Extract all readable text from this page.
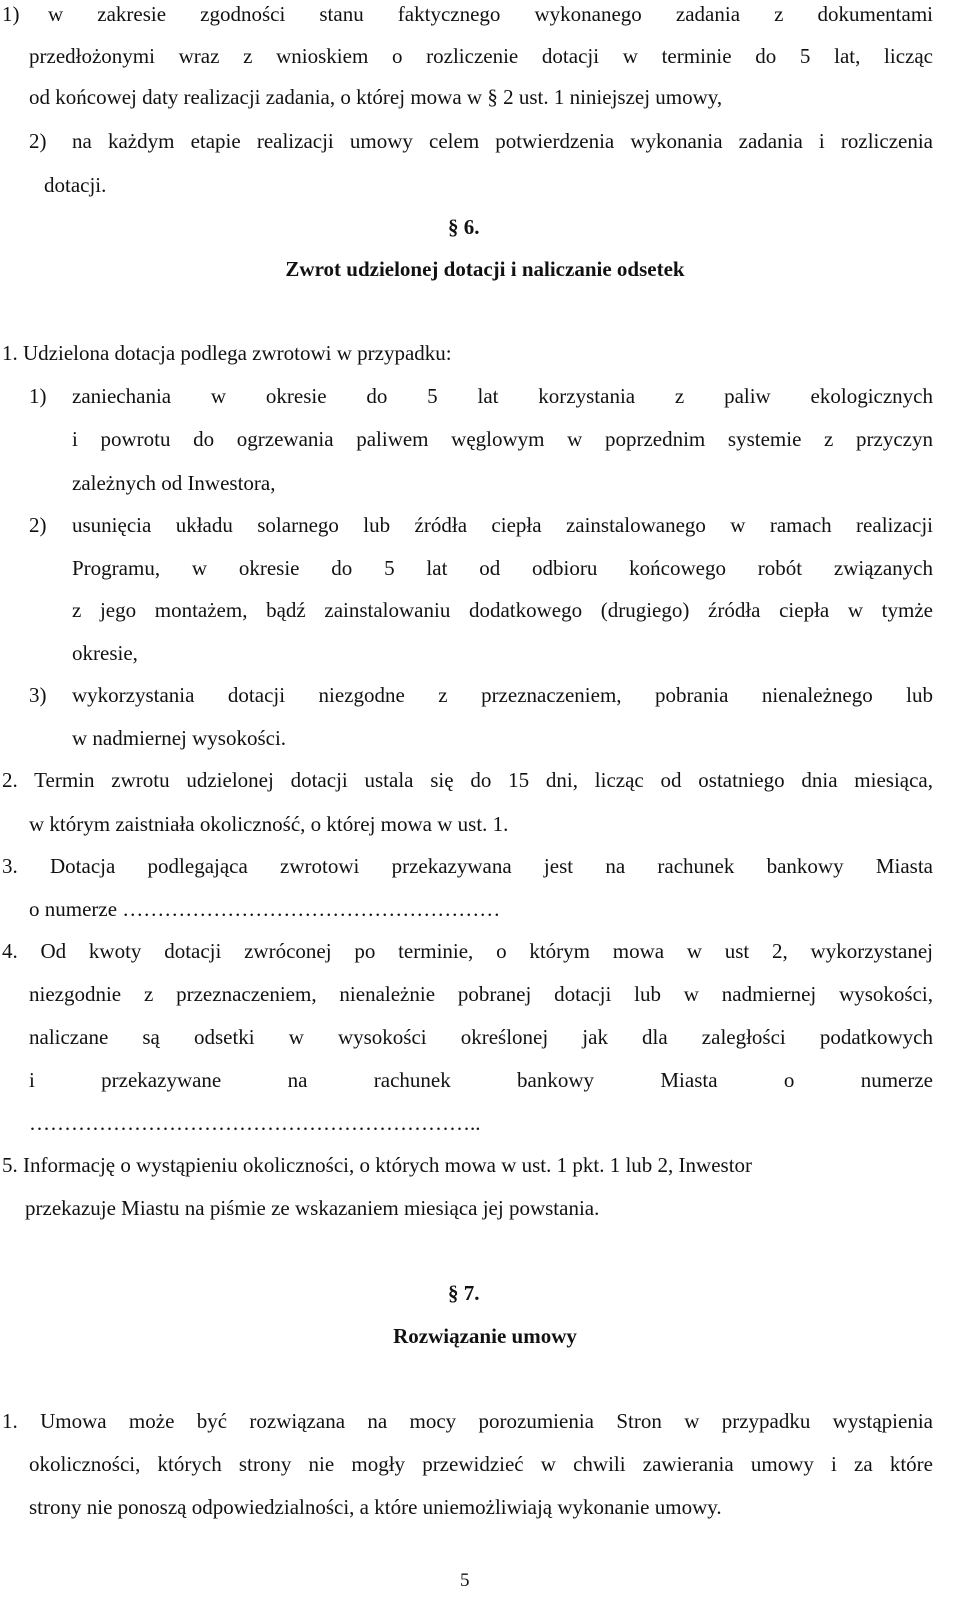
1) w zakresie zgodności stanu faktycznego wykonanego zadania z dokumentami
przedłożonymi wraz z wnioskiem o rozliczenie dotacji w terminie do 5 lat, licząc
od końcowej daty realizacji zadania, o której mowa w § 2 ust. 1 niniejszej umowy,
2) na każdym etapie realizacji umowy celem potwierdzenia wykonania zadania i rozliczenia
dotacji.
§ 6.
Zwrot udzielonej dotacji i naliczanie odsetek
1. Udzielona dotacja podlega zwrotowi w przypadku:
1) zaniechania w okresie do 5 lat korzystania z paliw ekologicznych
i powrotu do ogrzewania paliwem węglowym w poprzednim systemie z przyczyn
zależnych od Inwestora,
2) usunięcia układu solarnego lub źródła ciepła zainstalowanego w ramach realizacji
Programu, w okresie do 5 lat od odbioru końcowego robót związanych
z jego montażem, bądź zainstalowaniu dodatkowego (drugiego) źródła ciepła w tymże
okresie,
3) wykorzystania dotacji niezgodne z przeznaczeniem, pobrania nienależnego lub
w nadmiernej wysokości.
2. Termin zwrotu udzielonej dotacji ustala się do 15 dni, licząc od ostatniego dnia miesiąca,
w którym zaistniała okoliczność, o której mowa w ust. 1.
3. Dotacja podlegająca zwrotowi przekazywana jest na rachunek bankowy Miasta
o numerze ………………………………………………
4. Od kwoty dotacji zwróconej po terminie, o którym mowa w ust 2, wykorzystanej
niezgodnie z przeznaczeniem, nienależnie pobranej dotacji lub w nadmiernej wysokości,
naliczane są odsetki w wysokości określonej jak dla zaległości podatkowych
i przekazywane na rachunek bankowy Miasta o numerze
………………………………………………………..
5. Informację o wystąpieniu okoliczności, o których mowa w ust. 1 pkt. 1 lub 2, Inwestor
przekazuje Miastu na piśmie ze wskazaniem miesiąca jej powstania.
§ 7.
Rozwiązanie umowy
1. Umowa może być rozwiązana na mocy porozumienia Stron w przypadku wystąpienia
okoliczności, których strony nie mogły przewidzieć w chwili zawierania umowy i za które
strony nie ponoszą odpowiedzialności, a które uniemożliwiają wykonanie umowy.
5
